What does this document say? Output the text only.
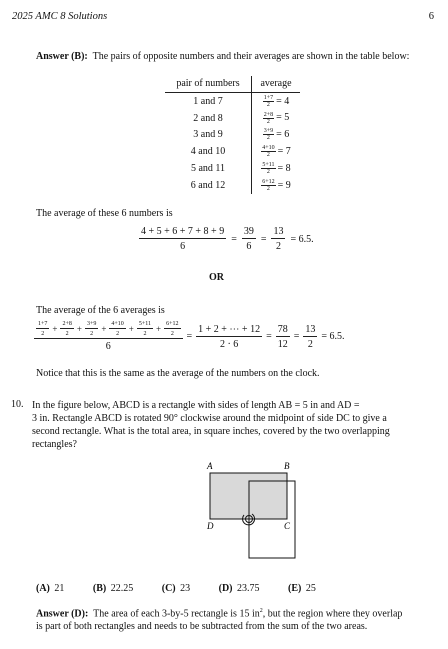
2025 AMC 8 Solutions	6
Answer (B): The pairs of opposite numbers and their averages are shown in the table below:
pair of numbers	average
1 and 7	$\frac{1+7}{2} = 4$
2 and 8	$\frac{2+8}{2} = 5$
3 and 9	$\frac{3+9}{2} = 6$
4 and 10	$\frac{4+10}{2} = 7$
5 and 11	$\frac{5+11}{2} = 8$
6 and 12	$\frac{6+12}{2} = 9$
The average of these 6 numbers is
$\frac{4 + 5 + 6 + 7 + 8 + 9}{6} = \frac{39}{6} = \frac{13}{2} = 6.5$.
OR
The average of the 6 averages is
$\frac{\frac{1+7}{2} + \frac{2+8}{2} + \frac{3+9}{2} + \frac{4+10}{2} + \frac{5+11}{2} + \frac{6+12}{2}}{6} = \frac{1 + 2 + \cdots + 12}{2 \cdot 6} = \frac{78}{12} = \frac{13}{2} = 6.5$.
Notice that this is the same as the average of the numbers on the clock.
10. In the figure below, ABCD is a rectangle with sides of length AB = 5 in and AD =
3 in. Rectangle ABCD is rotated 90° clockwise around the midpoint of side DC to give a
second rectangle. What is the total area, in square inches, covered by the two overlapping
rectangles?
A	B
D	C
(A) 21	(B) 22.25	(C) 23	(D) 23.75	(E) 25
Answer (D): The area of each 3-by-5 rectangle is 15 $in^2$, but the region where they overlap
is part of both rectangles and needs to be subtracted from the sum of the two areas.
